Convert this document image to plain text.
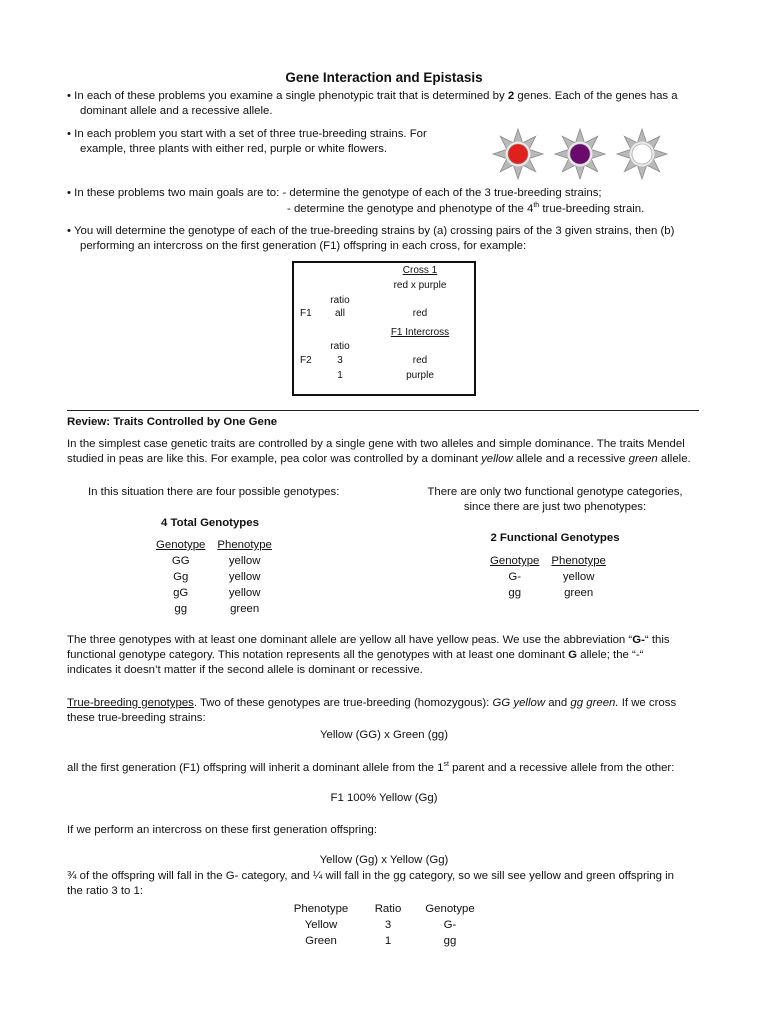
Gene Interaction and Epistasis
• In each of these problems you examine a single phenotypic trait that is determined by 2 genes. Each of the genes has a
dominant allele and a recessive allele.
• In each problem you start with a set of three true-breeding strains. For
example, three plants with either red, purple or white flowers.
• In these problems two main goals are to: - determine the genotype of each of the 3 true-breeding strains;
- determine the genotype and phenotype of the 4th true-breeding strain.
• You will determine the genotype of each of the true-breeding strains by (a) crossing pairs of the 3 given strains, then (b)
performing an intercross on the first generation (F1) offspring in each cross, for example:
Cross 1
red x purple
ratio
F1	all	red
F1 Intercross
ratio
F2	3	red
1	purple
Review: Traits Controlled by One Gene
In the simplest case genetic traits are controlled by a single gene with two alleles and simple dominance. The traits Mendel
studied in peas are like this. For example, pea color was controlled by a dominant yellow allele and a recessive green allele.
In this situation there are four possible genotypes:	There are only two functional genotype categories,
since there are just two phenotypes:
4 Total Genotypes
Genotype	Phenotype
GG	yellow
Gg	yellow
gG	yellow
gg	green
2 Functional Genotypes
Genotype	Phenotype
G-	yellow
gg	green
The three genotypes with at least one dominant allele are yellow all have yellow peas. We use the abbreviation “G-“ this
functional genotype category. This notation represents all the genotypes with at least one dominant G allele; the “-“
indicates it doesn’t matter if the second allele is dominant or recessive.
True-breeding genotypes. Two of these genotypes are true-breeding (homozygous): GG yellow and gg green. If we cross
these true-breeding strains:
Yellow (GG) x Green (gg)
all the first generation (F1) offspring will inherit a dominant allele from the 1st parent and a recessive allele from the other:
F1 100% Yellow (Gg)
If we perform an intercross on these first generation offspring:
Yellow (Gg) x Yellow (Gg)
¾ of the offspring will fall in the G- category, and ¼ will fall in the gg category, so we sill see yellow and green offspring in
the ratio 3 to 1:
Phenotype	Ratio	Genotype
Yellow	3	G-
Green	1	gg
